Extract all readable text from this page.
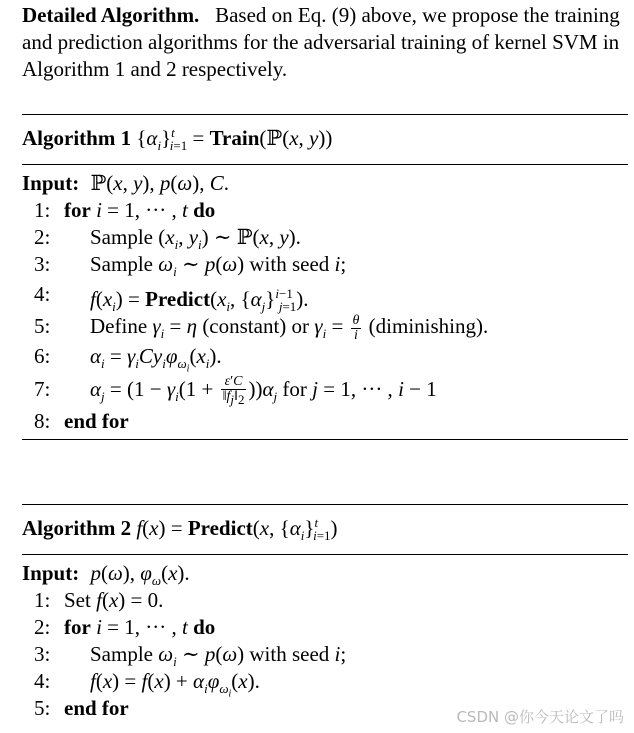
Detailed Algorithm. Based on Eq. (9) above, we propose the training and prediction algorithms for the adversarial training of kernel SVM in Algorithm 1 and 2 respectively.
Algorithm 1 $\{\alpha_i\}^t_{i=1}$ = Train(ℙ(x, y))
Input: ℙ(x, y), p(ω), C.
1: for i = 1, ··· , t do
2:	Sample ($x_i$, $y_i$) ∼ ℙ(x, y).
3:	Sample $\omega_i$ ∼ p(ω) with seed i;
4:	$f(x_i)$ = $Predict(x_i$, $\{\alpha_j\}^{i-1}_{j=1}$).
5:	Define $\gamma_i = \eta$ (constant) or $\gamma_i = \frac{\theta}{i}$ (diminishing).
6:	$\alpha_i = \gamma_iCy_i\varphi_{\omega_i}(x_i)$.
7:	$\alpha_j = (1 - \gamma_i(1 + \frac{\varepsilon'C}{‖f_j‖_2} ))\alpha_j$ for j = 1, ··· , i − 1
8: end for
Algorithm 2 f(x) = Predict(x, $\{\alpha_i\}^t_{i=1}$)
Input: p(ω), $\varphi_\omega(x)$.
1: Set f(x) = 0.
2: for i = 1, ··· , t do
3:	Sample $\omega_i$ ∼ p(ω) with seed i;
4:	$f(x) = f(x) + \alpha_i\varphi_{\omega_i}(x)$.
5: end for	CSDN @你今天论文了吗
